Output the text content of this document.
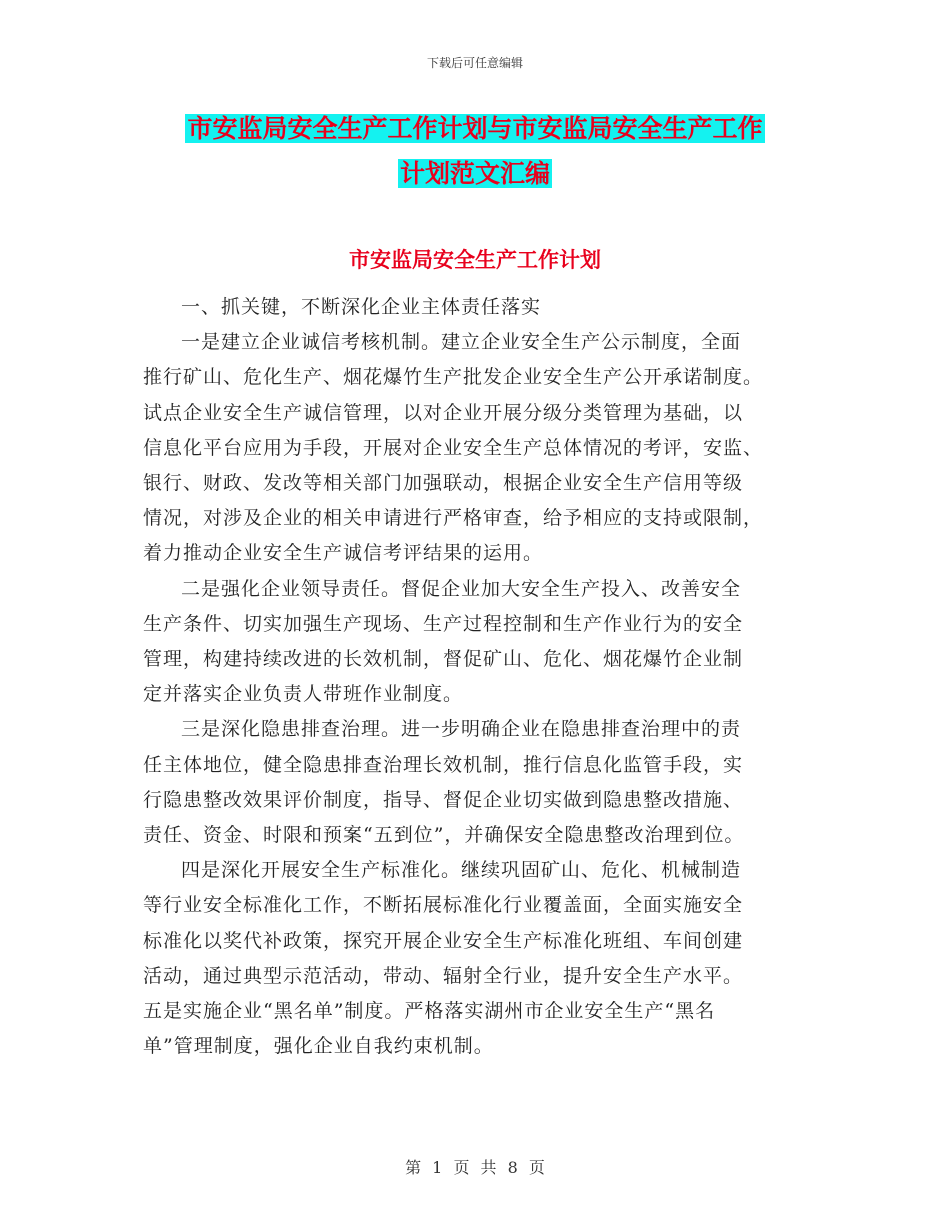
下载后可任意编辑
市安监局安全生产工作计划与市安监局安全生产工作
计划范文汇编
市安监局安全生产工作计划

一、抓关键，不断深化企业主体责任落实

一是建立企业诚信考核机制。建立企业安全生产公示制度，全面
推行矿山、危化生产、烟花爆竹生产批发企业安全生产公开承诺制度。
试点企业安全生产诚信管理，以对企业开展分级分类管理为基础，以
信息化平台应用为手段，开展对企业安全生产总体情况的考评，安监、
银行、财政、发改等相关部门加强联动，根据企业安全生产信用等级
情况，对涉及企业的相关申请进行严格审查，给予相应的支持或限制，
着力推动企业安全生产诚信考评结果的运用。

二是强化企业领导责任。督促企业加大安全生产投入、改善安全
生产条件、切实加强生产现场、生产过程控制和生产作业行为的安全
管理，构建持续改进的长效机制，督促矿山、危化、烟花爆竹企业制
定并落实企业负责人带班作业制度。

三是深化隐患排查治理。进一步明确企业在隐患排查治理中的责
任主体地位，健全隐患排查治理长效机制，推行信息化监管手段，实
行隐患整改效果评价制度，指导、督促企业切实做到隐患整改措施、
责任、资金、时限和预案“五到位”，并确保安全隐患整改治理到位。

四是深化开展安全生产标准化。继续巩固矿山、危化、机械制造
等行业安全标准化工作，不断拓展标准化行业覆盖面，全面实施安全
标准化以奖代补政策，探究开展企业安全生产标准化班组、车间创建
活动，通过典型示范活动，带动、辐射全行业，提升安全生产水平。

五是实施企业“黑名单”制度。严格落实湖州市企业安全生产“黑名
单”管理制度，强化企业自我约束机制。

第 1 页 共 8 页
